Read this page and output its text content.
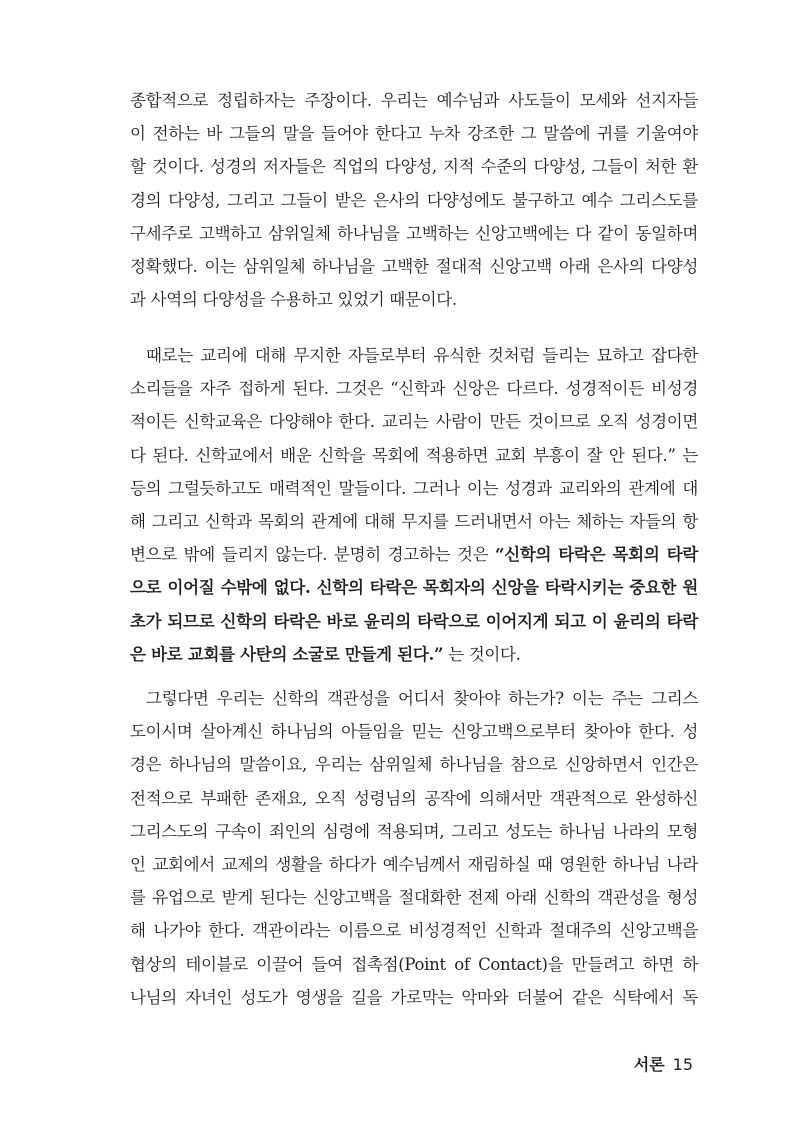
종합적으로 정립하자는 주장이다. 우리는 예수님과 사도들이 모세와 선지자들
이 전하는 바 그들의 말을 들어야 한다고 누차 강조한 그 말씀에 귀를 기울여야
할 것이다. 성경의 저자들은 직업의 다양성, 지적 수준의 다양성, 그들이 처한 환
경의 다양성, 그리고 그들이 받은 은사의 다양성에도 불구하고 예수 그리스도를
구세주로 고백하고 삼위일체 하나님을 고백하는 신앙고백에는 다 같이 동일하며
정확했다. 이는 삼위일체 하나님을 고백한 절대적 신앙고백 아래 은사의 다양성
과 사역의 다양성을 수용하고 있었기 때문이다.
때로는 교리에 대해 무지한 자들로부터 유식한 것처럼 들리는 묘하고 잡다한
소리들을 자주 접하게 된다. 그것은 “신학과 신앙은 다르다. 성경적이든 비성경
적이든 신학교육은 다양해야 한다. 교리는 사람이 만든 것이므로 오직 성경이면
다 된다. 신학교에서 배운 신학을 목회에 적용하면 교회 부흥이 잘 안 된다.” 는
등의 그럴듯하고도 매력적인 말들이다. 그러나 이는 성경과 교리와의 관계에 대
해 그리고 신학과 목회의 관계에 대해 무지를 드러내면서 아는 체하는 자들의 항
변으로 밖에 들리지 않는다. 분명히 경고하는 것은 “신학의 타락은 목회의 타락
으로 이어질 수밖에 없다. 신학의 타락은 목회자의 신앙을 타락시키는 중요한 원
초가 되므로 신학의 타락은 바로 윤리의 타락으로 이어지게 되고 이 윤리의 타락
은 바로 교회를 사탄의 소굴로 만들게 된다.” 는 것이다.
그렇다면 우리는 신학의 객관성을 어디서 찾아야 하는가? 이는 주는 그리스
도이시며 살아계신 하나님의 아들임을 믿는 신앙고백으로부터 찾아야 한다. 성
경은 하나님의 말씀이요, 우리는 삼위일체 하나님을 참으로 신앙하면서 인간은
전적으로 부패한 존재요, 오직 성령님의 공작에 의해서만 객관적으로 완성하신
그리스도의 구속이 죄인의 심령에 적용되며, 그리고 성도는 하나님 나라의 모형
인 교회에서 교제의 생활을 하다가 예수님께서 재림하실 때 영원한 하나님 나라
를 유업으로 받게 된다는 신앙고백을 절대화한 전제 아래 신학의 객관성을 형성
해 나가야 한다. 객관이라는 이름으로 비성경적인 신학과 절대주의 신앙고백을
협상의 테이블로 이끌어 들여 접촉점(Point of Contact)을 만들려고 하면 하
나님의 자녀인 성도가 영생을 길을 가로막는 악마와 더불어 같은 식탁에서 독
서론 15
